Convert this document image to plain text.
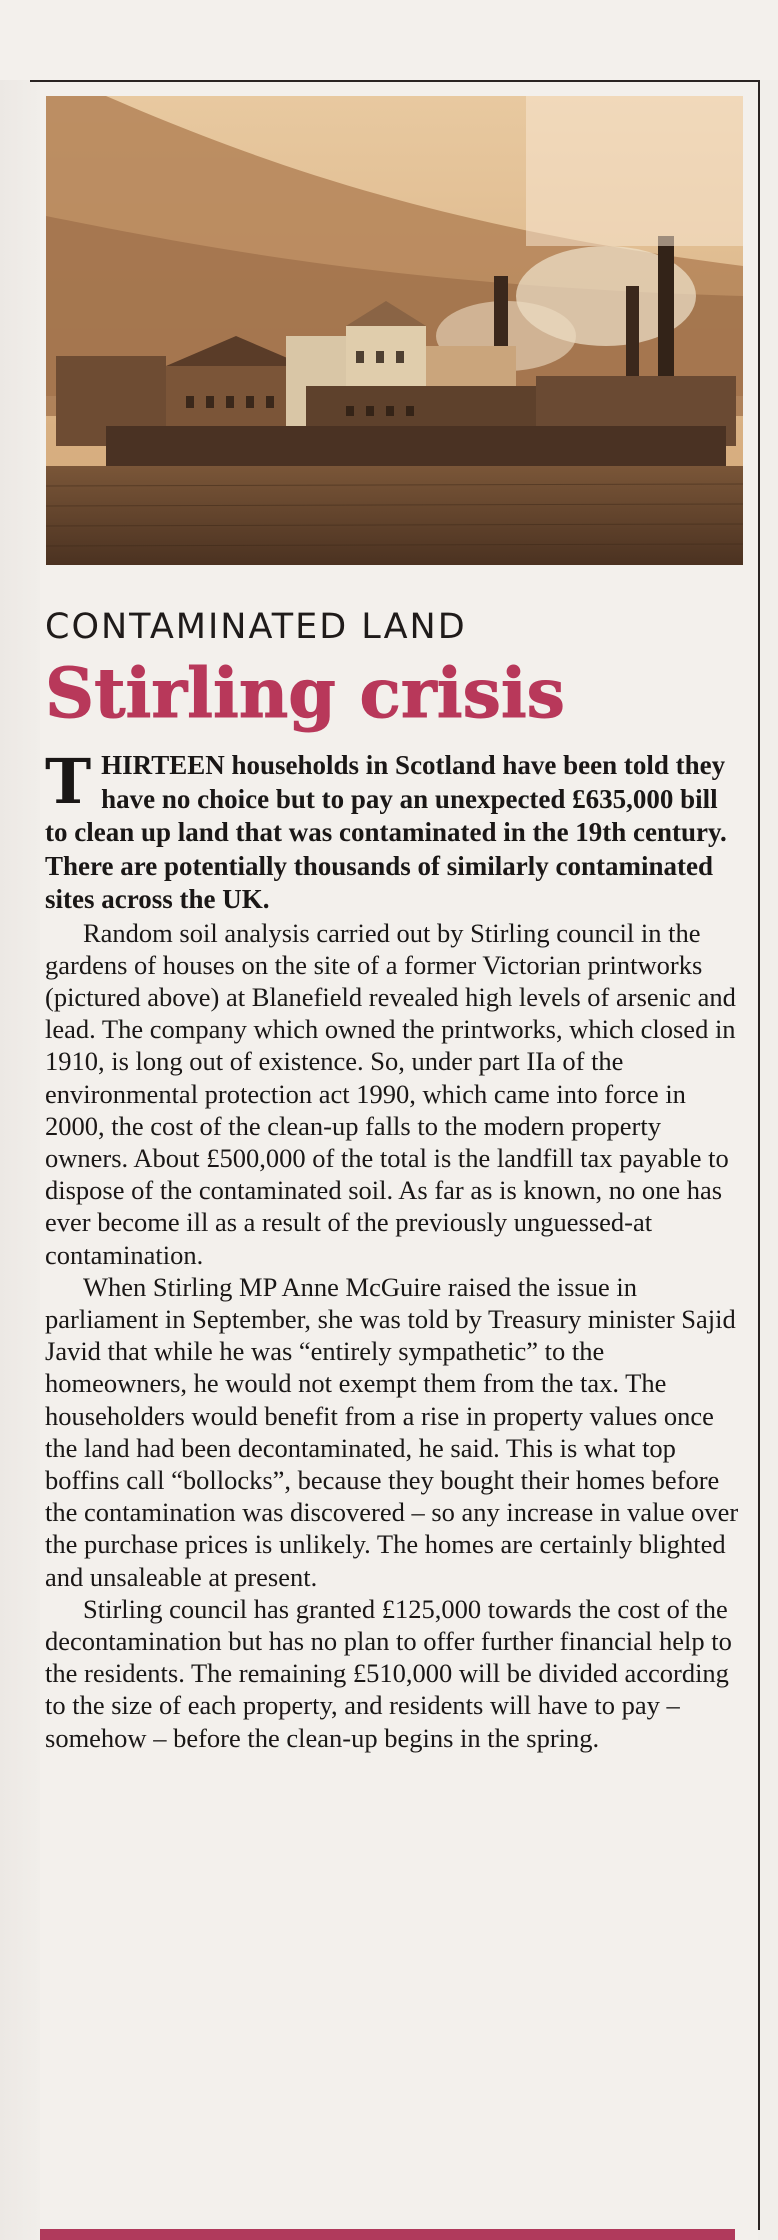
CONTAMINATED LAND
Stirling crisis

THIRTEEN households in Scotland have been told they have no choice but to pay an unexpected £635,000 bill to clean up land that was contaminated in the 19th century. There are potentially thousands of similarly contaminated sites across the UK.

Random soil analysis carried out by Stirling council in the gardens of houses on the site of a former Victorian printworks (pictured above) at Blanefield revealed high levels of arsenic and lead. The company which owned the printworks, which closed in 1910, is long out of existence. So, under part IIa of the environmental protection act 1990, which came into force in 2000, the cost of the clean-up falls to the modern property owners. About £500,000 of the total is the landfill tax payable to dispose of the contaminated soil. As far as is known, no one has ever become ill as a result of the previously unguessed-at contamination.

When Stirling MP Anne McGuire raised the issue in parliament in September, she was told by Treasury minister Sajid Javid that while he was “entirely sympathetic” to the homeowners, he would not exempt them from the tax. The householders would benefit from a rise in property values once the land had been decontaminated, he said. This is what top boffins call “bollocks”, because they bought their homes before the contamination was discovered – so any increase in value over the purchase prices is unlikely. The homes are certainly blighted and unsaleable at present.

Stirling council has granted £125,000 towards the cost of the decontamination but has no plan to offer further financial help to the residents. The remaining £510,000 will be divided according to the size of each property, and residents will have to pay – somehow – before the clean-up begins in the spring.
